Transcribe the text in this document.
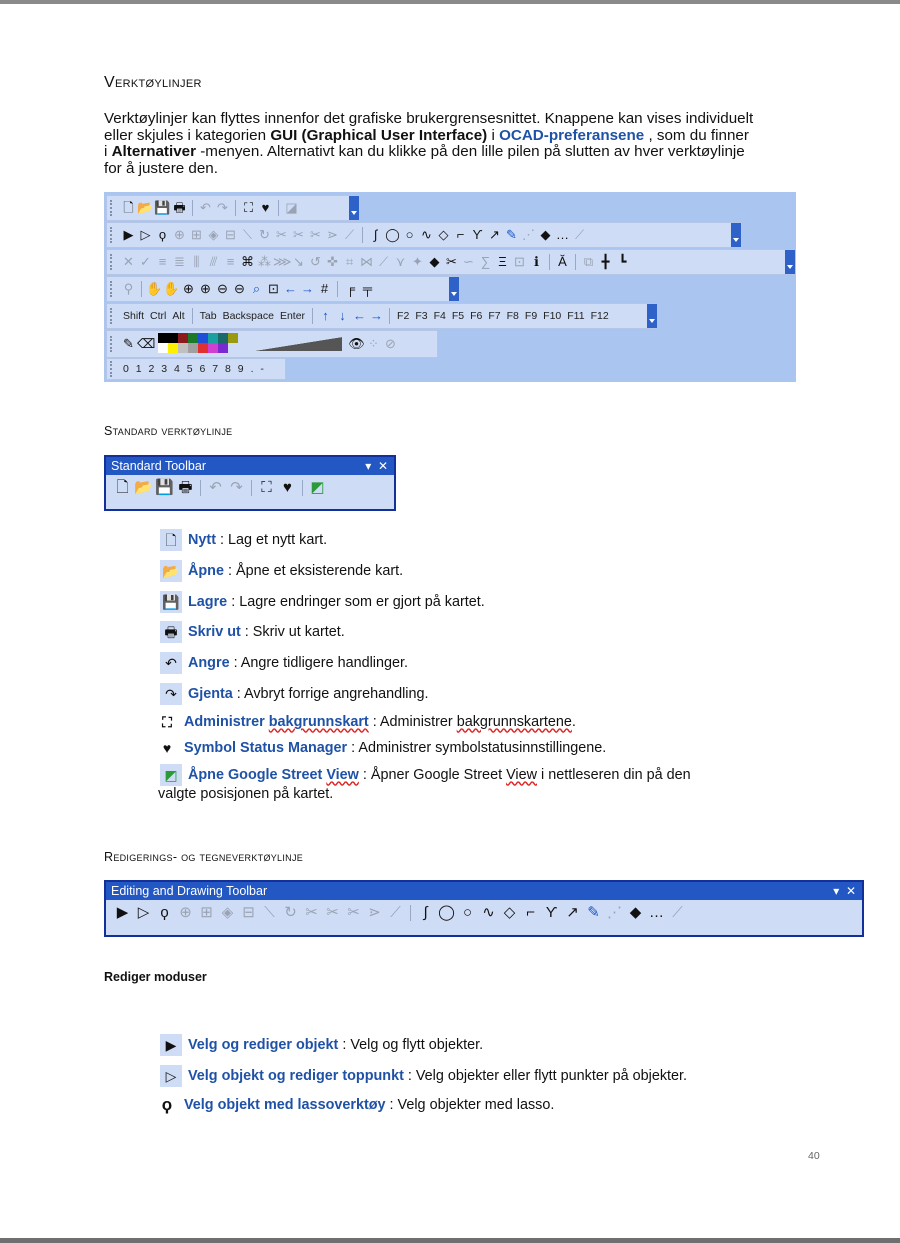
Verktøylinjer
Verktøylinjer kan flyttes innenfor det grafiske brukergrensesnittet. Knappene kan vises individuelt
eller skjules i kategorien GUI (Graphical User Interface) i OCAD-preferansene , som du finner
i Alternativer -menyen. Alternativt kan du klikke på den lille pilen på slutten av hver verktøylinje
for å justere den.
🗋 📂 💾 🖶 ↶ ↷	⛶ ♥	◪
▶ ▷ ϙ ⊕ ⊞ ◈ ⊟ ⟍ ↻ ✂ ✂ ✂ ⋗ ⟋	∫ ◯ ○ ∿ ◇ ⌐ ϒ ↗ ✎ ⋰ ◆ … ⟋
✕ ✓ ≡ ≣ ⫼ ⫻ ≡ ⌘ ⁂ ⋙ ↘ ↺ ✜ ⌗ ⋈ ⟋ ⋎ ✦ ◆ ✂ ∽ ∑ Ξ ⊡ ℹ	Ᾰ	⧉ ╋ ┗
⚲ ✋ ✋ ⊕ ⊕ ⊖ ⊖ ⌕ ⊡ ← → #	╒ ╤
Shift Ctrl Alt Tab Backspace Enter	↑ ↓ ← → F2 F3 F4 F5 F6 F7 F8 F9 F10 F11 F12
✎ ⌫	👁 ⁘ ⊘
0 1 2 3 4 5 6 7 8 9 . -
Standard verktøylinje
Standard Toolbar	▾ ✕
🗋 📂 💾 🖶 ↶ ↷	⛶ ♥	◩
🗋 Nytt : Lag et nytt kart.
📂 Åpne : Åpne et eksisterende kart.
💾 Lagre : Lagre endringer som er gjort på kartet.
🖶 Skriv ut : Skriv ut kartet.
↶ Angre : Angre tidligere handlinger.
↷ Gjenta : Avbryt forrige angrehandling.
⛶ Administrer bakgrunnskart : Administrer bakgrunnskartene.
♥ Symbol Status Manager : Administrer symbolstatusinnstillingene.
◩ Åpne Google Street View : Åpner Google Street View i nettleseren din på den
valgte posisjonen på kartet.
Redigerings- og tegneverktøylinje
Editing and Drawing Toolbar	▾ ✕
▶ ▷ ϙ ⊕ ⊞ ◈ ⊟ ⟍ ↻ ✂ ✂ ✂ ⋗ ⟋	∫ ◯ ○ ∿ ◇ ⌐ ϒ ↗ ✎ ⋰ ◆ … ⟋
Rediger moduser
▶ Velg og rediger objekt : Velg og flytt objekter.
▷ Velg objekt og rediger toppunkt : Velg objekter eller flytt punkter på objekter.
ϙ Velg objekt med lassoverktøy : Velg objekter med lasso.
40
